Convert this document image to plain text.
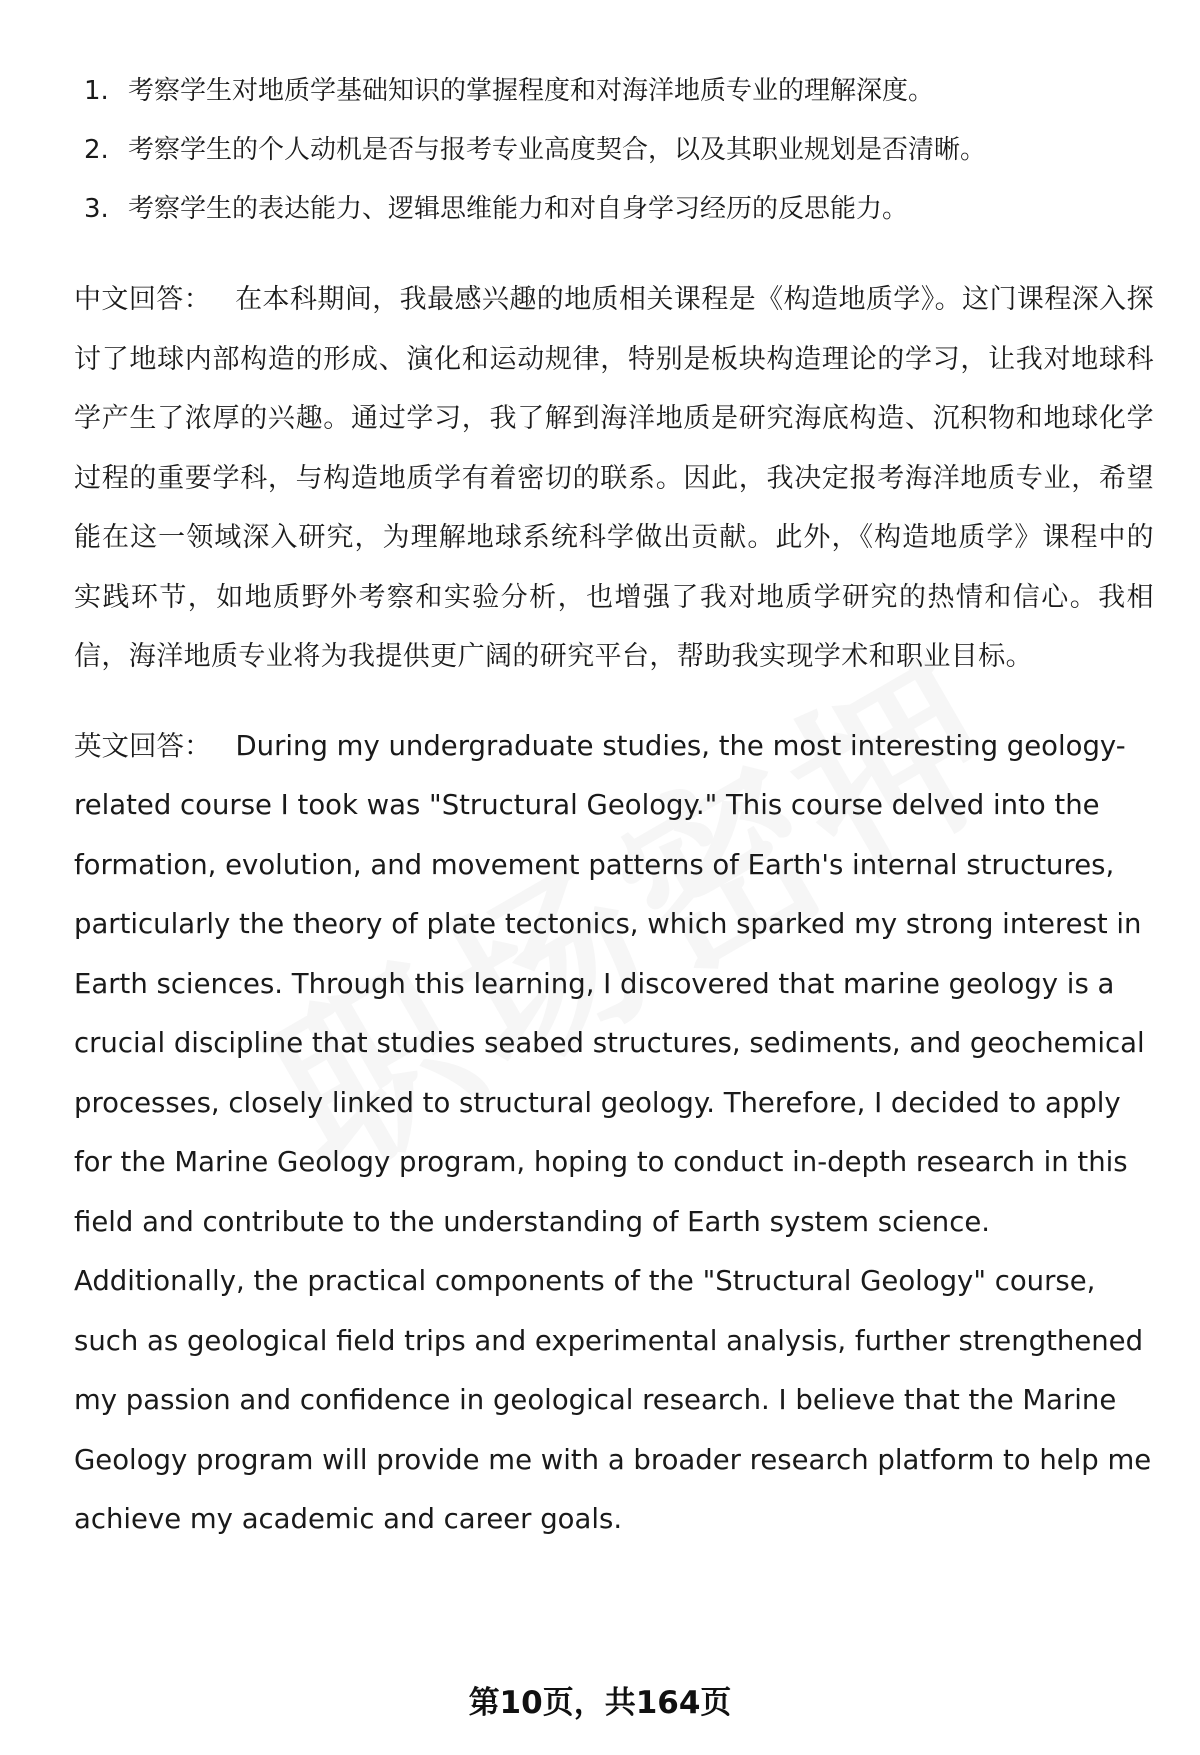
1. 考察学生对地质学基础知识的掌握程度和对海洋地质专业的理解深度。
2. 考察学生的个人动机是否与报考专业高度契合，以及其职业规划是否清晰。
3. 考察学生的表达能力、逻辑思维能力和对自身学习经历的反思能力。

中文回答： 在本科期间，我最感兴趣的地质相关课程是《构造地质学》。这门课程深入探讨了地球内部构造的形成、演化和运动规律，特别是板块构造理论的学习，让我对地球科学产生了浓厚的兴趣。通过学习，我了解到海洋地质是研究海底构造、沉积物和地球化学过程的重要学科，与构造地质学有着密切的联系。因此，我决定报考海洋地质专业，希望能在这一领域深入研究，为理解地球系统科学做出贡献。此外，《构造地质学》课程中的实践环节，如地质野外考察和实验分析，也增强了我对地质学研究的热情和信心。我相信，海洋地质专业将为我提供更广阔的研究平台，帮助我实现学术和职业目标。

英文回答： During my undergraduate studies, the most interesting geology-related course I took was "Structural Geology." This course delved into the formation, evolution, and movement patterns of Earth's internal structures, particularly the theory of plate tectonics, which sparked my strong interest in Earth sciences. Through this learning, I discovered that marine geology is a crucial discipline that studies seabed structures, sediments, and geochemical processes, closely linked to structural geology. Therefore, I decided to apply for the Marine Geology program, hoping to conduct in-depth research in this field and contribute to the understanding of Earth system science. Additionally, the practical components of the "Structural Geology" course, such as geological field trips and experimental analysis, further strengthened my passion and confidence in geological research. I believe that the Marine Geology program will provide me with a broader research platform to help me achieve my academic and career goals.

第10页，共164页
